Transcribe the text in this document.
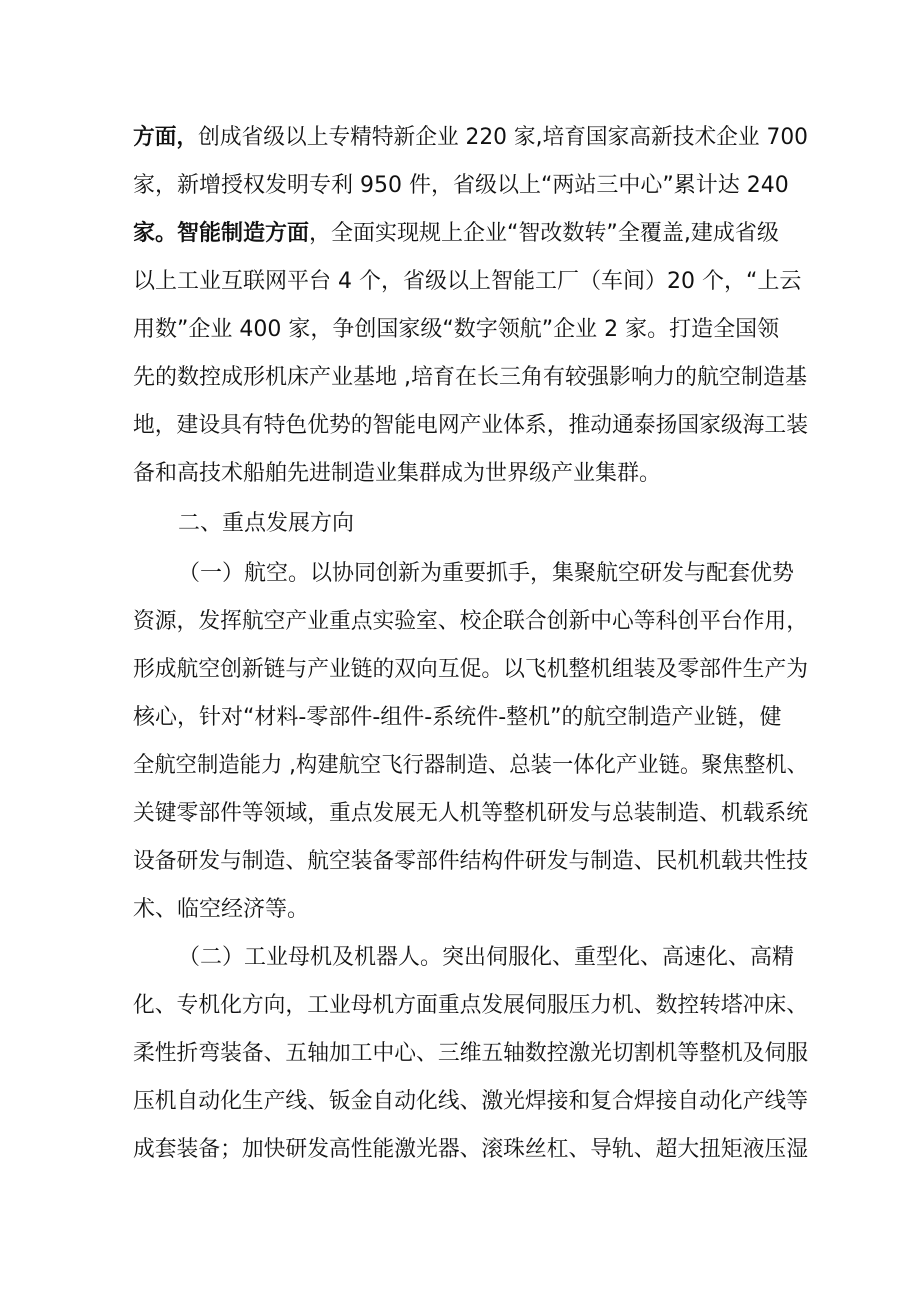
方面，创成省级以上专精特新企业 220 家,培育国家高新技术企业 700
家，新增授权发明专利 950 件，省级以上“两站三中心”累计达 240
家。智能制造方面，全面实现规上企业“智改数转”全覆盖,建成省级
以上工业互联网平台 4 个，省级以上智能工厂（车间）20 个，“上云
用数”企业 400 家，争创国家级“数字领航”企业 2 家。打造全国领
先的数控成形机床产业基地 ,培育在长三角有较强影响力的航空制造基
地，建设具有特色优势的智能电网产业体系，推动通泰扬国家级海工装
备和高技术船舶先进制造业集群成为世界级产业集群。
二、重点发展方向
（一）航空。以协同创新为重要抓手，集聚航空研发与配套优势
资源，发挥航空产业重点实验室、校企联合创新中心等科创平台作用，
形成航空创新链与产业链的双向互促。以飞机整机组装及零部件生产为
核心，针对“材料-零部件-组件-系统件-整机”的航空制造产业链，健
全航空制造能力 ,构建航空飞行器制造、总装一体化产业链。聚焦整机、
关键零部件等领域，重点发展无人机等整机研发与总装制造、机载系统
设备研发与制造、航空装备零部件结构件研发与制造、民机机载共性技
术、临空经济等。
（二）工业母机及机器人。突出伺服化、重型化、高速化、高精
化、专机化方向，工业母机方面重点发展伺服压力机、数控转塔冲床、
柔性折弯装备、五轴加工中心、三维五轴数控激光切割机等整机及伺服
压机自动化生产线、钣金自动化线、激光焊接和复合焊接自动化产线等
成套装备；加快研发高性能激光器、滚珠丝杠、导轨、超大扭矩液压湿
